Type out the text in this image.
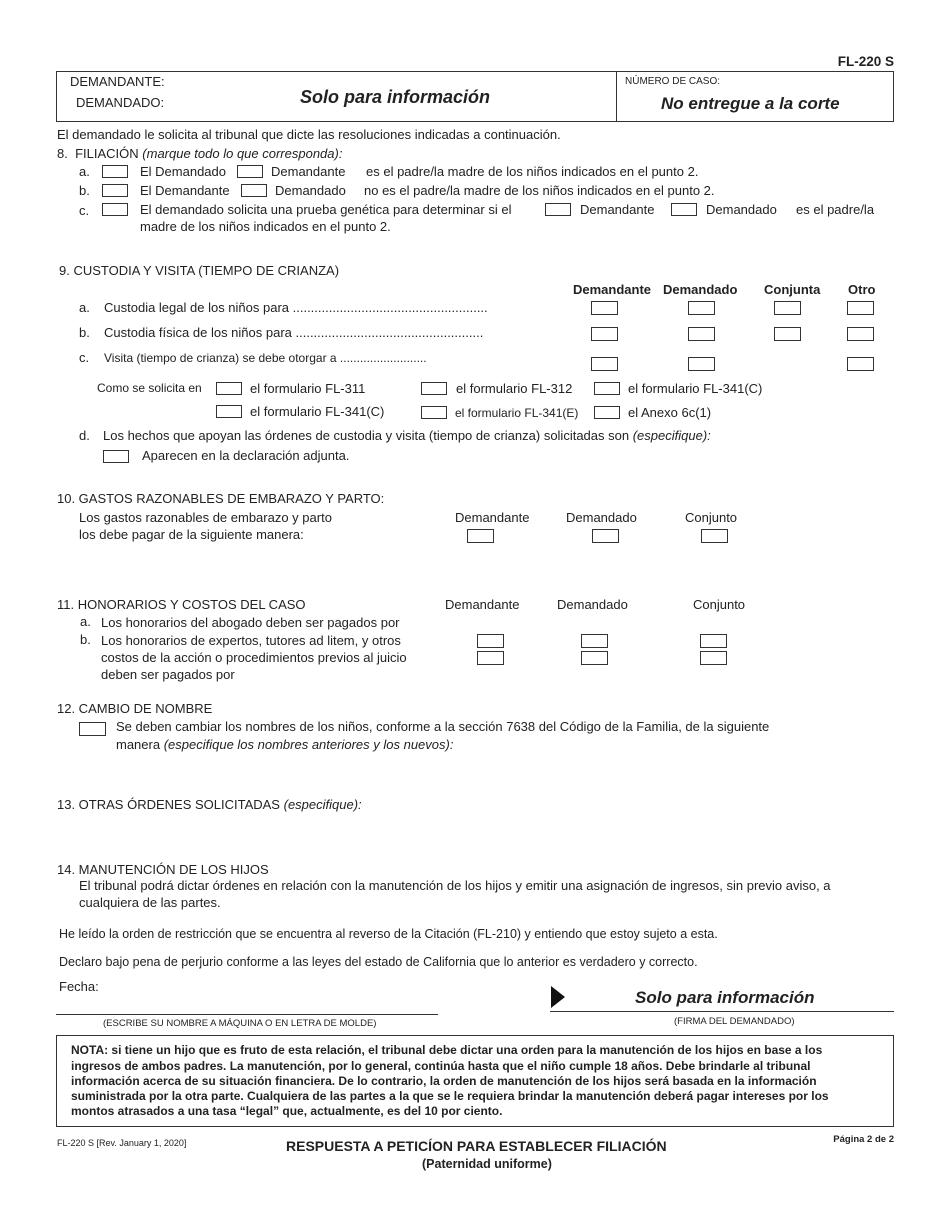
FL-220 S
DEMANDANTE:
DEMANDADO:	Solo para información
NÚMERO DE CASO:
No entregue a la corte
El demandado le solicita al tribunal que dicte las resoluciones indicadas a continuación.
8. FILIACIÓN (marque todo lo que corresponda):
a.	El Demandado	Demandante es el padre/la madre de los niños indicados en el punto 2.
b.	El Demandante	Demandado no es el padre/la madre de los niños indicados en el punto 2.
c.	El demandado solicita una prueba genética para determinar si el	Demandante	Demandado es el padre/la
madre de los niños indicados en el punto 2.
9. CUSTODIA Y VISITA (TIEMPO DE CRIANZA)
Demandante Demandado Conjunta Otro
a. Custodia legal de los niños para ......................................................
b. Custodia física de los niños para ....................................................
c. Visita (tiempo de crianza) se debe otorgar a ..........................
Como se solicita en	el formulario FL-311	el formulario FL-312	el formulario FL-341(C)
el formulario FL-341(C)	el formulario FL-341(E)	el Anexo 6c(1)
d. Los hechos que apoyan las órdenes de custodia y visita (tiempo de crianza) solicitadas son (especifique):
Aparecen en la declaración adjunta.
10. GASTOS RAZONABLES DE EMBARAZO Y PARTO:
Los gastos razonables de embarazo y parto
los debe pagar de la siguiente manera:
Demandante	Demandado	Conjunto
11. HONORARIOS Y COSTOS DEL CASO	Demandante	Demandado	Conjunto
a. Los honorarios del abogado deben ser pagados por
b. Los honorarios de expertos, tutores ad litem, y otros
costos de la acción o procedimientos previos al juicio
deben ser pagados por
12. CAMBIO DE NOMBRE
Se deben cambiar los nombres de los niños, conforme a la sección 7638 del Código de la Familia, de la siguiente
manera (especifique los nombres anteriores y los nuevos):
13. OTRAS ÓRDENES SOLICITADAS (especifique):
14. MANUTENCIÓN DE LOS HIJOS
El tribunal podrá dictar órdenes en relación con la manutención de los hijos y emitir una asignación de ingresos, sin previo aviso, a
cualquiera de las partes.
He leído la orden de restricción que se encuentra al reverso de la Citación (FL-210) y entiendo que estoy sujeto a esta.
Declaro bajo pena de perjurio conforme a las leyes del estado de California que lo anterior es verdadero y correcto.
Fecha:
Solo para información
(ESCRIBE SU NOMBRE A MÁQUINA O EN LETRA DE MOLDE)	(FIRMA DEL DEMANDADO)
NOTA: si tiene un hijo que es fruto de esta relación, el tribunal debe dictar una orden para la manutención de los hijos en base a los
ingresos de ambos padres. La manutención, por lo general, continúa hasta que el niño cumple 18 años. Debe brindarle al tribunal
información acerca de su situación financiera. De lo contrario, la orden de manutención de los hijos será basada en la información
suministrada por la otra parte. Cualquiera de las partes a la que se le requiera brindar la manutención deberá pagar intereses por los
montos atrasados a una tasa “legal” que, actualmente, es del 10 por ciento.
FL-220 S [Rev. January 1, 2020]	RESPUESTA A PETICÍON PARA ESTABLECER FILIACIÓN
(Paternidad uniforme)
Página 2 de 2
